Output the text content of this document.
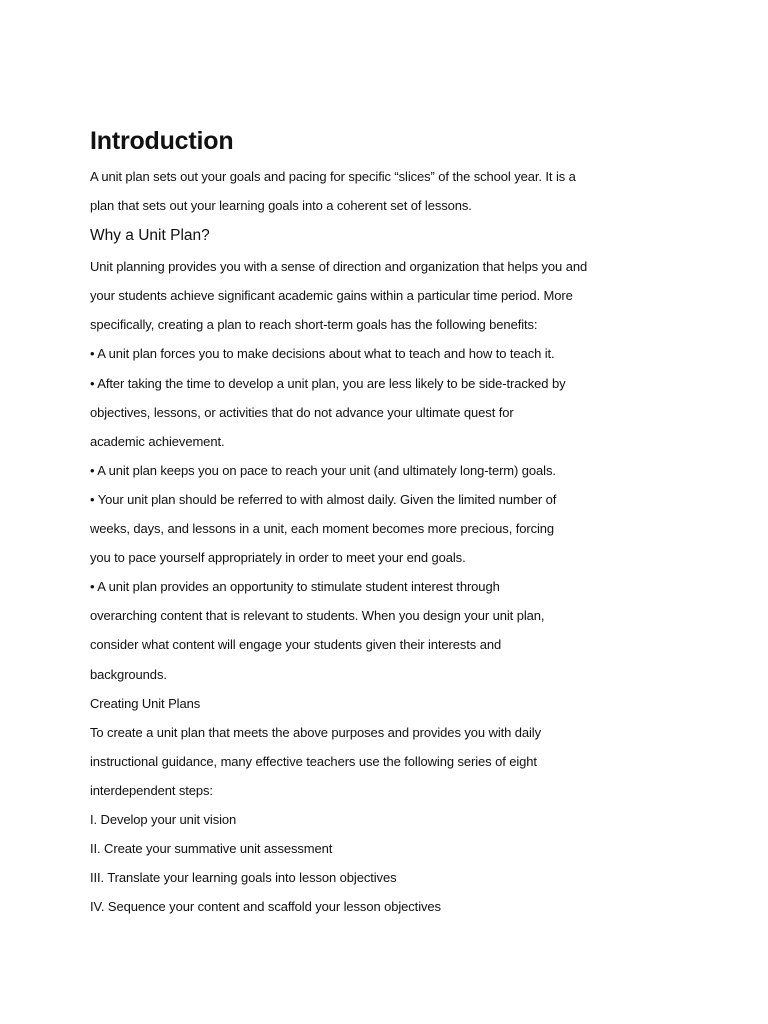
Introduction
A unit plan sets out your goals and pacing for specific “slices” of the school year. It is a
plan that sets out your learning goals into a coherent set of lessons.
Why a Unit Plan?
Unit planning provides you with a sense of direction and organization that helps you and
your students achieve significant academic gains within a particular time period. More
specifically, creating a plan to reach short-term goals has the following benefits:
• A unit plan forces you to make decisions about what to teach and how to teach it.
• After taking the time to develop a unit plan, you are less likely to be side-tracked by
objectives, lessons, or activities that do not advance your ultimate quest for
academic achievement.
• A unit plan keeps you on pace to reach your unit (and ultimately long-term) goals.
• Your unit plan should be referred to with almost daily. Given the limited number of
weeks, days, and lessons in a unit, each moment becomes more precious, forcing
you to pace yourself appropriately in order to meet your end goals.
• A unit plan provides an opportunity to stimulate student interest through
overarching content that is relevant to students. When you design your unit plan,
consider what content will engage your students given their interests and
backgrounds.
Creating Unit Plans
To create a unit plan that meets the above purposes and provides you with daily
instructional guidance, many effective teachers use the following series of eight
interdependent steps:
I. Develop your unit vision
II. Create your summative unit assessment
III. Translate your learning goals into lesson objectives
IV. Sequence your content and scaffold your lesson objectives
